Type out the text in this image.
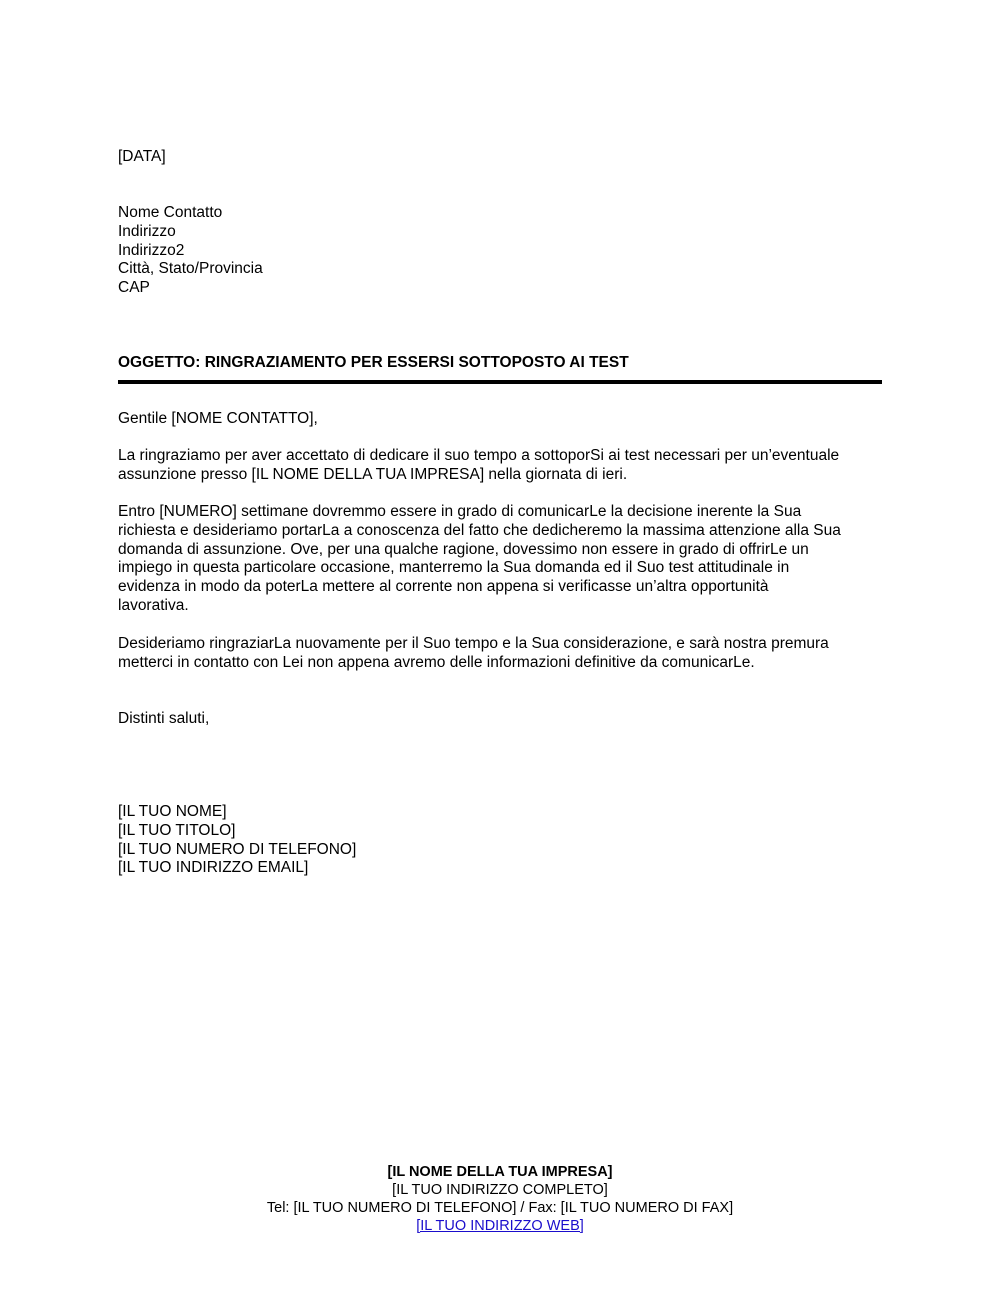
[DATA]
Nome Contatto
Indirizzo
Indirizzo2
Città, Stato/Provincia
CAP
OGGETTO: RINGRAZIAMENTO PER ESSERSI SOTTOPOSTO AI TEST
Gentile [NOME CONTATTO],
La ringraziamo per aver accettato di dedicare il suo tempo a sottoporSi ai test necessari per un’eventuale
assunzione presso [IL NOME DELLA TUA IMPRESA] nella giornata di ieri.
Entro [NUMERO] settimane dovremmo essere in grado di comunicarLe la decisione inerente la Sua
richiesta e desideriamo portarLa a conoscenza del fatto che dedicheremo la massima attenzione alla Sua
domanda di assunzione. Ove, per una qualche ragione, dovessimo non essere in grado di offrirLe un
impiego in questa particolare occasione, manterremo la Sua domanda ed il Suo test attitudinale in
evidenza in modo da poterLa mettere al corrente non appena si verificasse un’altra opportunità
lavorativa.
Desideriamo ringraziarLa nuovamente per il Suo tempo e la Sua considerazione, e sarà nostra premura
metterci in contatto con Lei non appena avremo delle informazioni definitive da comunicarLe.
Distinti saluti,
[IL TUO NOME]
[IL TUO TITOLO]
[IL TUO NUMERO DI TELEFONO]
[IL TUO INDIRIZZO EMAIL]
[IL NOME DELLA TUA IMPRESA]
[IL TUO INDIRIZZO COMPLETO]
Tel: [IL TUO NUMERO DI TELEFONO] / Fax: [IL TUO NUMERO DI FAX]
[IL TUO INDIRIZZO WEB]
